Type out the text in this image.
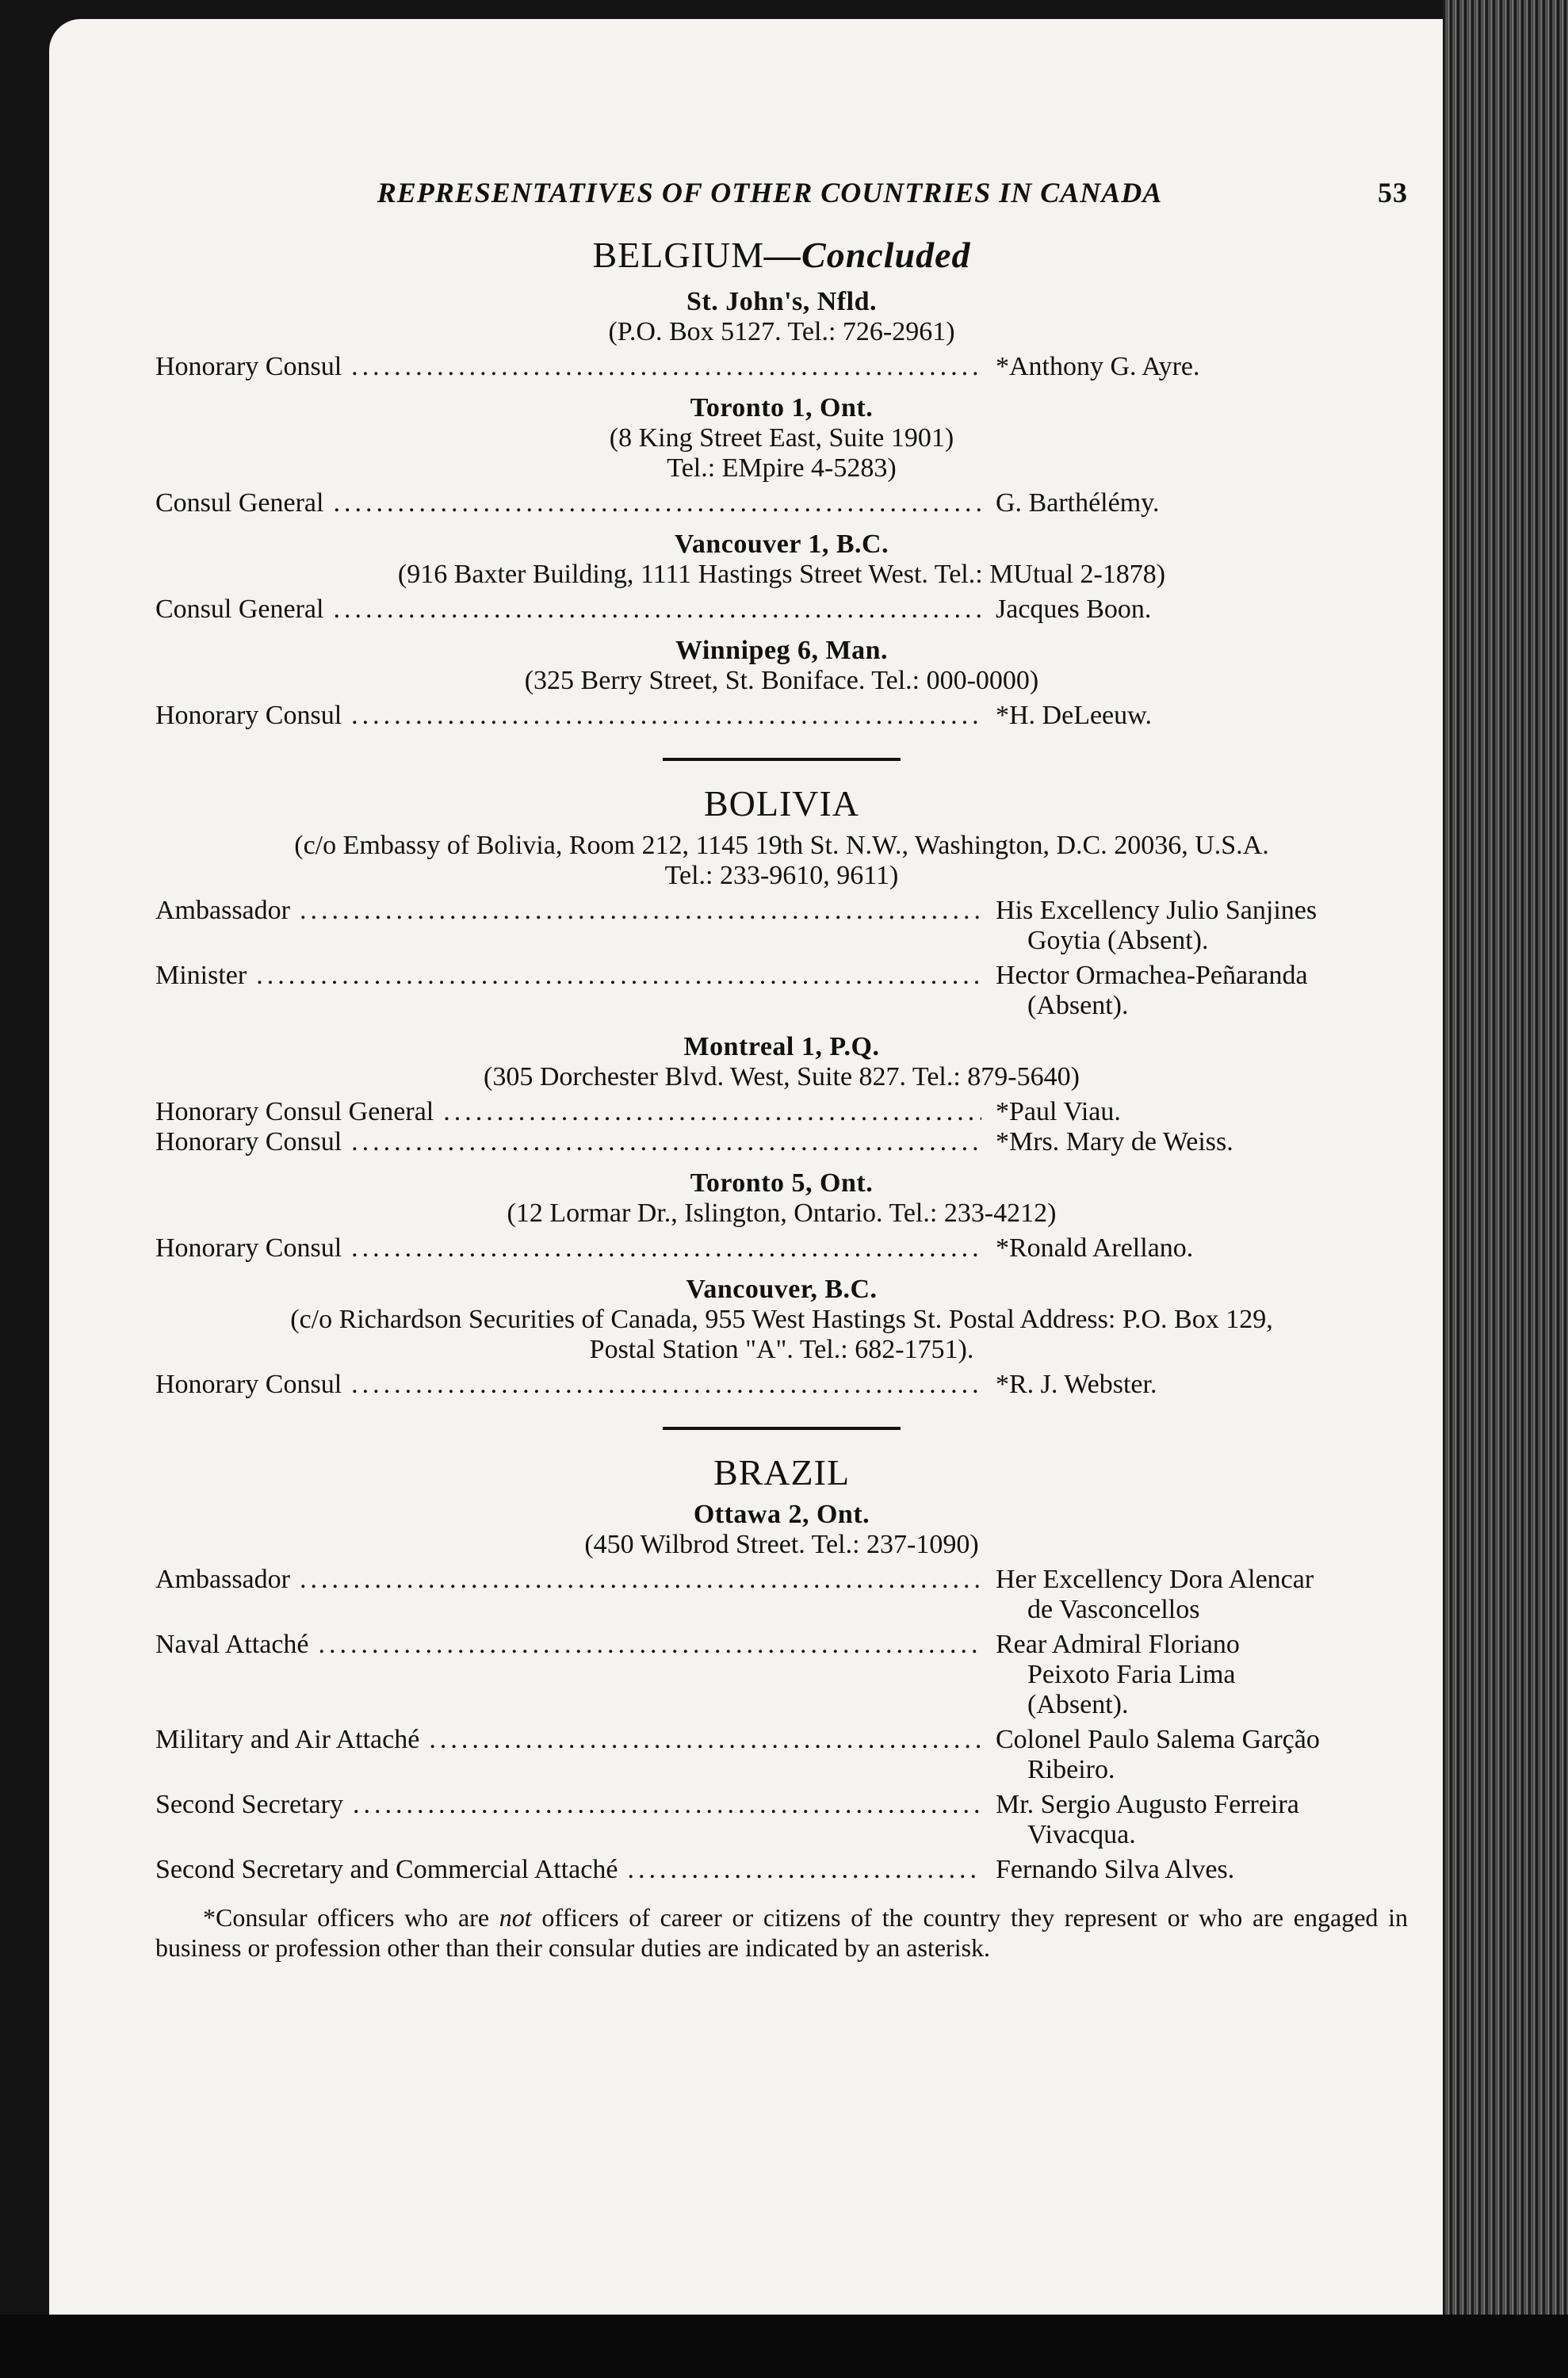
REPRESENTATIVES OF OTHER COUNTRIES IN CANADA	53
BELGIUM—Concluded
St. John's, Nfld.
(P.O. Box 5127. Tel.: 726-2961)
Honorary Consul .....	*Anthony G. Ayre.
Toronto 1, Ont.
(8 King Street East, Suite 1901)
Tel.: EMpire 4-5283)
Consul General .....	G. Barthélémy.
Vancouver 1, B.C.
(916 Baxter Building, 1111 Hastings Street West. Tel.: MUtual 2-1878)
Consul General .....	Jacques Boon.
Winnipeg 6, Man.
(325 Berry Street, St. Boniface. Tel.: 000-0000)
Honorary Consul .....	*H. DeLeeuw.
BOLIVIA
(c/o Embassy of Bolivia, Room 212, 1145 19th St. N.W., Washington, D.C. 20036, U.S.A.
Tel.: 233-9610, 9611)
Ambassador .....	His Excellency Julio Sanjines
Goytia (Absent).
Minister .....	Hector Ormachea-Peñaranda
(Absent).
Montreal 1, P.Q.
(305 Dorchester Blvd. West, Suite 827. Tel.: 879-5640)
Honorary Consul General .....	*Paul Viau.
Honorary Consul .....	*Mrs. Mary de Weiss.
Toronto 5, Ont.
(12 Lormar Dr., Islington, Ontario. Tel.: 233-4212)
Honorary Consul .....	*Ronald Arellano.
Vancouver, B.C.
(c/o Richardson Securities of Canada, 955 West Hastings St. Postal Address: P.O. Box 129,
Postal Station "A". Tel.: 682-1751).
Honorary Consul .....	*R. J. Webster.
BRAZIL
Ottawa 2, Ont.
(450 Wilbrod Street. Tel.: 237-1090)
Ambassador .....	Her Excellency Dora Alencar
de Vasconcellos
Naval Attaché .....	Rear Admiral Floriano
Peixoto Faria Lima
(Absent).
Military and Air Attaché .....	Colonel Paulo Salema Garção
Ribeiro.
Second Secretary .....	Mr. Sergio Augusto Ferreira
Vivacqua.
Second Secretary and Commercial Attaché .....	Fernando Silva Alves.
*Consular officers who are not officers of career or citizens of the country they represent or who are engaged in business or profession other than their consular duties are indicated by an asterisk.
